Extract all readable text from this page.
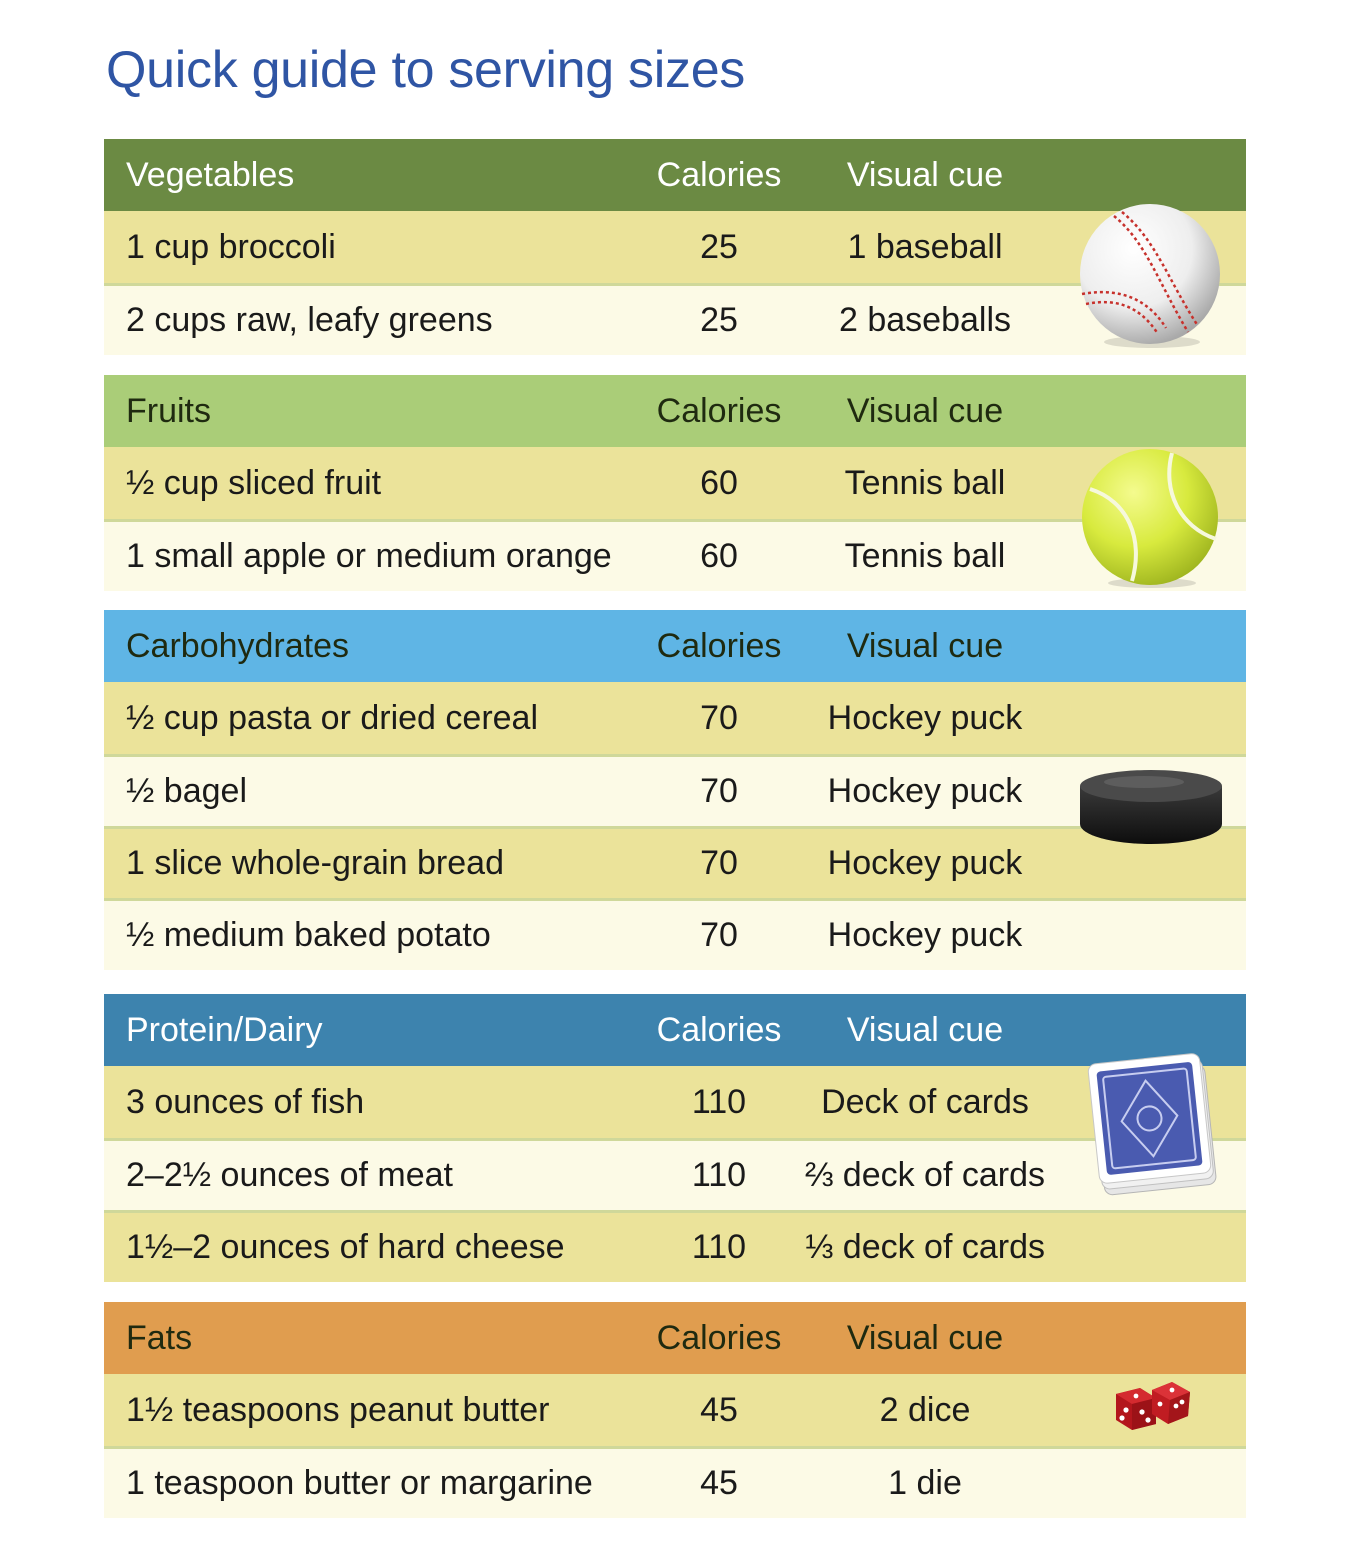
Quick guide to serving sizes
Vegetables	Calories	Visual cue
1 cup broccoli	25	1 baseball
2 cups raw, leafy greens	25	2 baseballs
Fruits	Calories	Visual cue
½ cup sliced fruit	60	Tennis ball
1 small apple or medium orange	60	Tennis ball
Carbohydrates	Calories	Visual cue
½ cup pasta or dried cereal	70	Hockey puck
½ bagel	70	Hockey puck
1 slice whole-grain bread	70	Hockey puck
½ medium baked potato	70	Hockey puck
Protein/Dairy	Calories	Visual cue
3 ounces of fish	110	Deck of cards
2–2½ ounces of meat	110	⅔ deck of cards
1½–2 ounces of hard cheese	110	⅓ deck of cards
Fats	Calories	Visual cue
1½ teaspoons peanut butter	45	2 dice
1 teaspoon butter or margarine	45	1 die
